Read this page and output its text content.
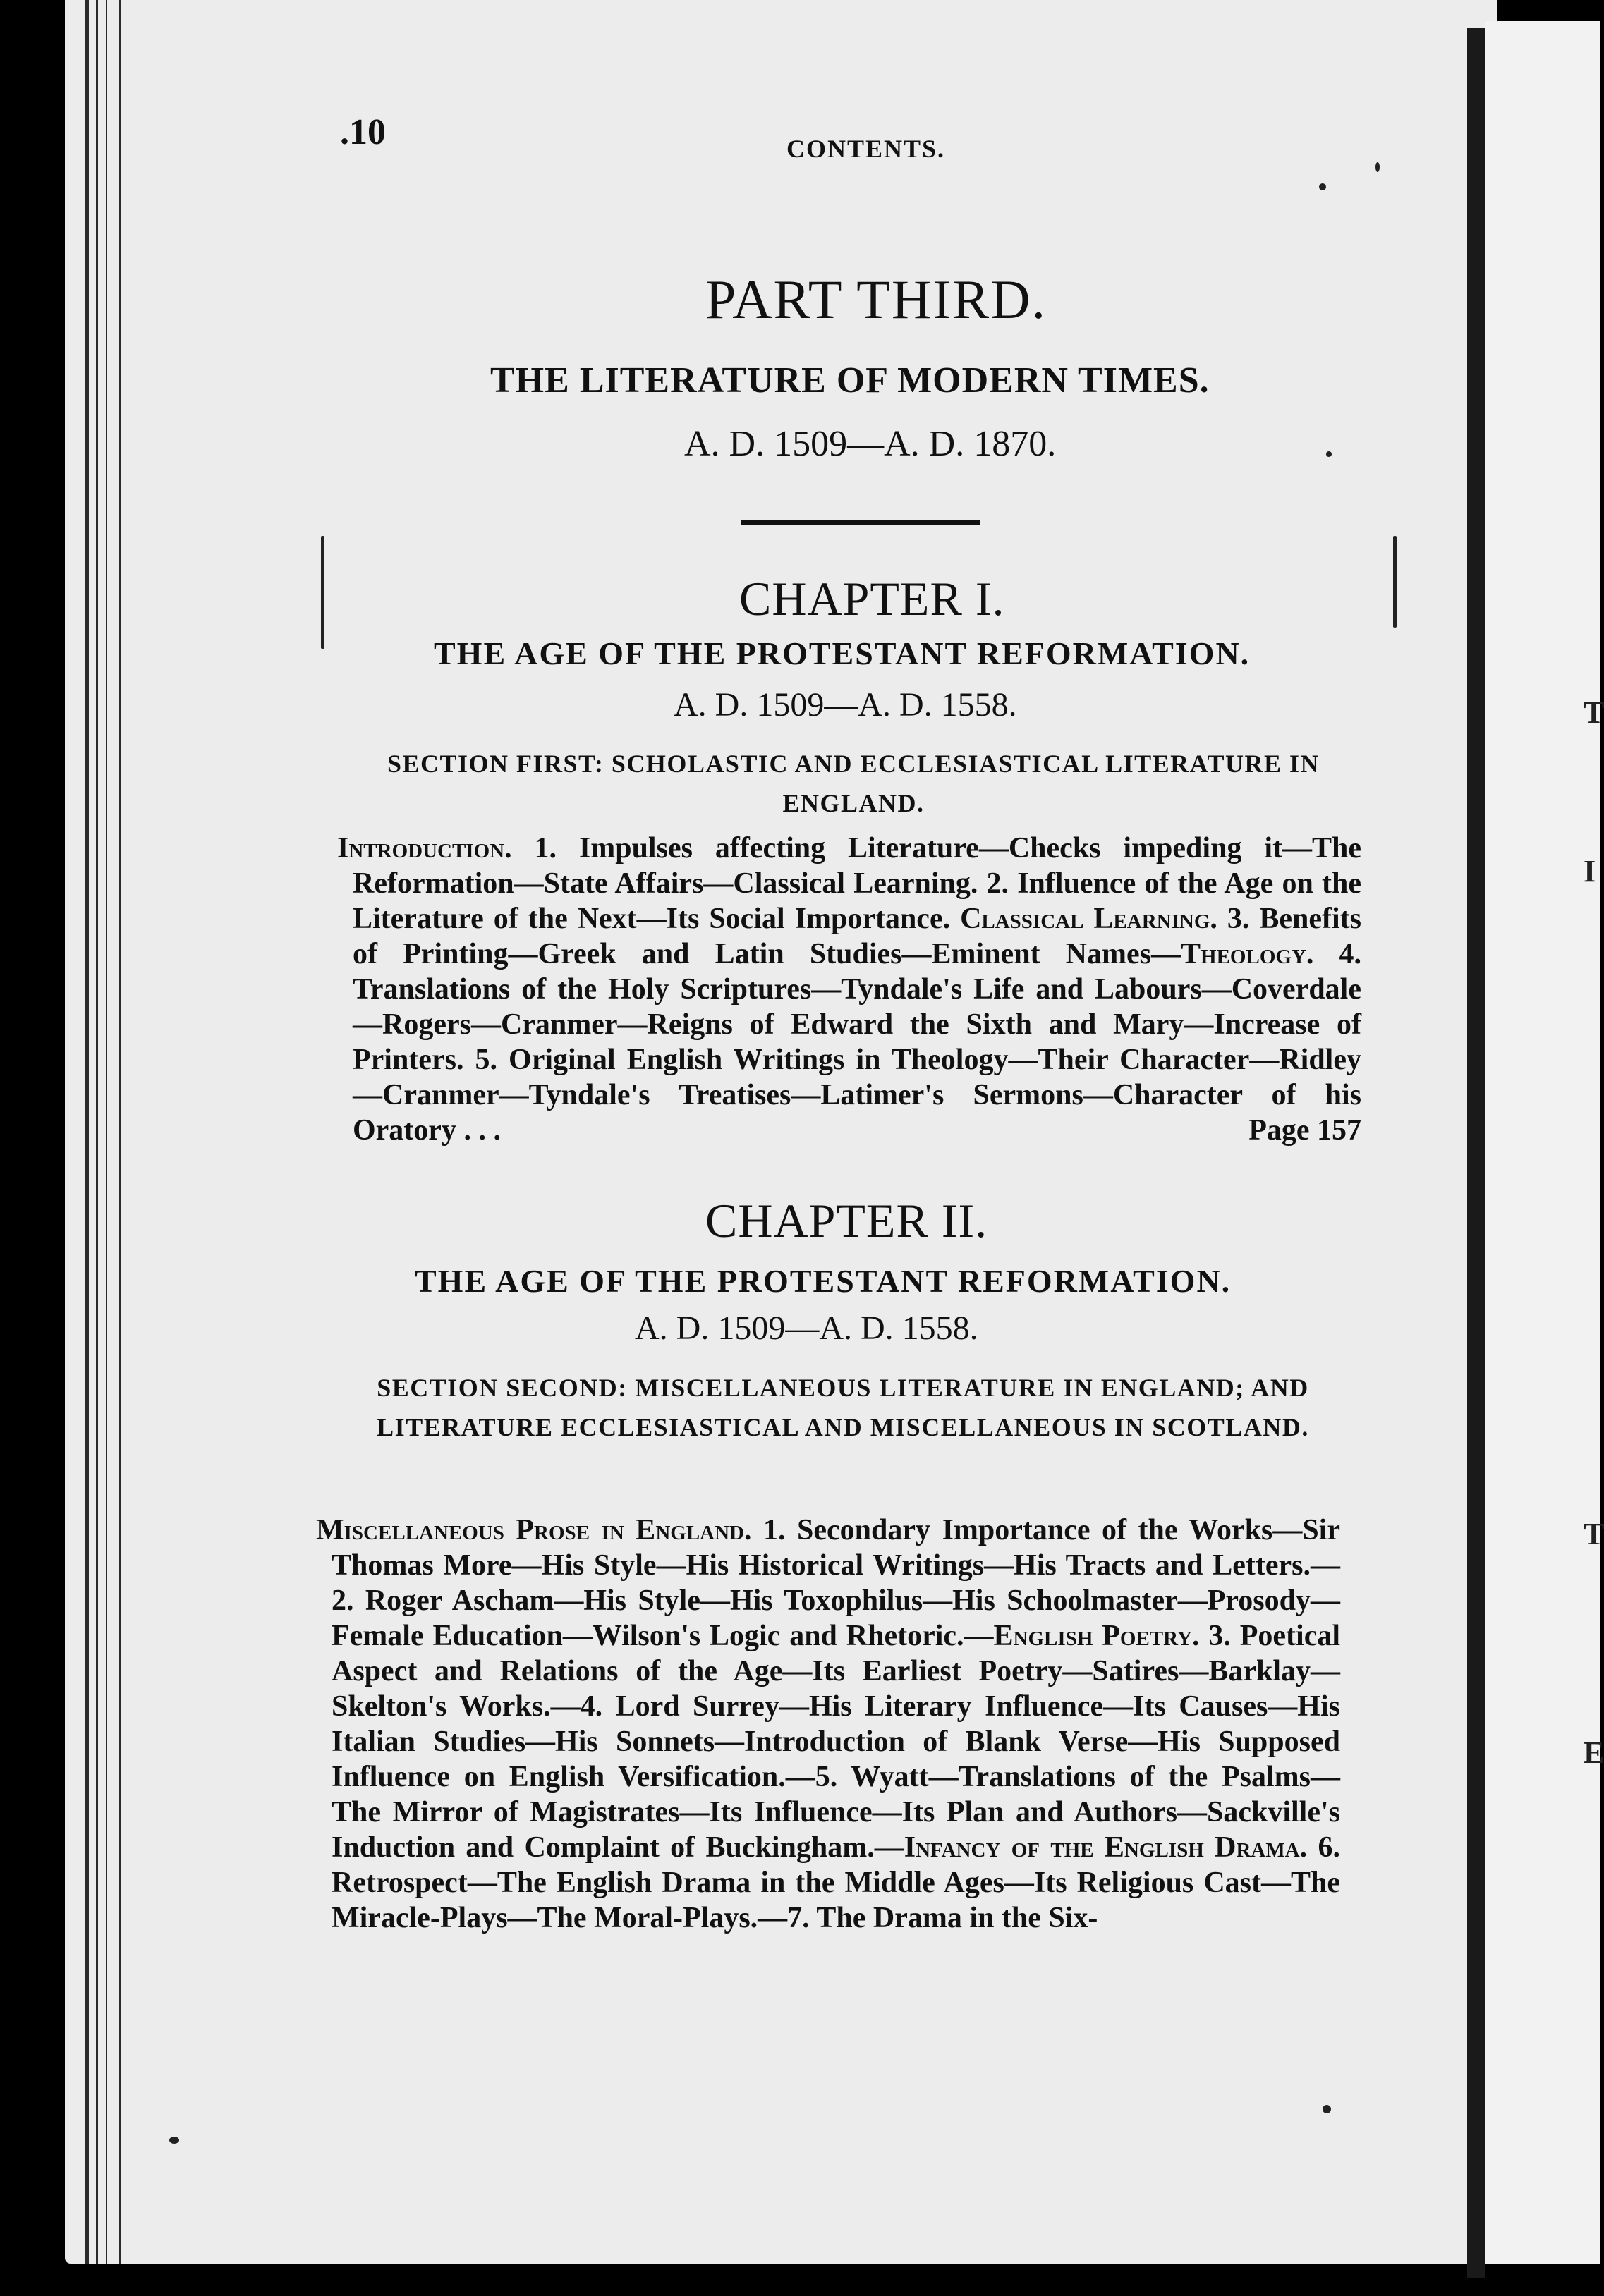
T
I
T
E
.10	CONTENTS.
PART THIRD.
THE LITERATURE OF MODERN TIMES.
A. D. 1509—A. D. 1870.
CHAPTER I.
THE AGE OF THE PROTESTANT REFORMATION.
A. D. 1509—A. D. 1558.
SECTION FIRST: SCHOLASTIC AND ECCLESIASTICAL LITERATURE IN ENGLAND.
Introduction. 1. Impulses affecting Literature—Checks impeding it—The Reformation—State Affairs—Classical Learning. 2. Influence of the Age on the Literature of the Next—Its Social Importance. Classical Learning. 3. Benefits of Printing—Greek and Latin Studies—Eminent Names—Theology. 4. Translations of the Holy Scriptures—Tyndale's Life and Labours—Coverdale—Rogers—Cranmer—Reigns of Edward the Sixth and Mary—Increase of Printers. 5. Original English Writings in Theology—Their Character—Ridley—Cranmer—Tyndale's Treatises—Latimer's Sermons—Character of his Oratory . . .	Page 157
CHAPTER II.
THE AGE OF THE PROTESTANT REFORMATION.
A. D. 1509—A. D. 1558.
SECTION SECOND: MISCELLANEOUS LITERATURE IN ENGLAND; AND LITERATURE ECCLESIASTICAL AND MISCELLANEOUS IN SCOTLAND.
Miscellaneous Prose in England. 1. Secondary Importance of the Works—Sir Thomas More—His Style—His Historical Writings—His Tracts and Letters.—2. Roger Ascham—His Style—His Toxophilus—His Schoolmaster—Prosody—Female Education—Wilson's Logic and Rhetoric.—English Poetry. 3. Poetical Aspect and Relations of the Age—Its Earliest Poetry—Satires—Barklay—Skelton's Works.—4. Lord Surrey—His Literary Influence—Its Causes—His Italian Studies—His Sonnets—Introduction of Blank Verse—His Supposed Influence on English Versification.—5. Wyatt—Translations of the Psalms—The Mirror of Magistrates—Its Influence—Its Plan and Authors—Sackville's Induction and Complaint of Buckingham.—Infancy of the English Drama. 6. Retrospect—The English Drama in the Middle Ages—Its Religious Cast—The Miracle-Plays—The Moral-Plays.—7. The Drama in the Six-
